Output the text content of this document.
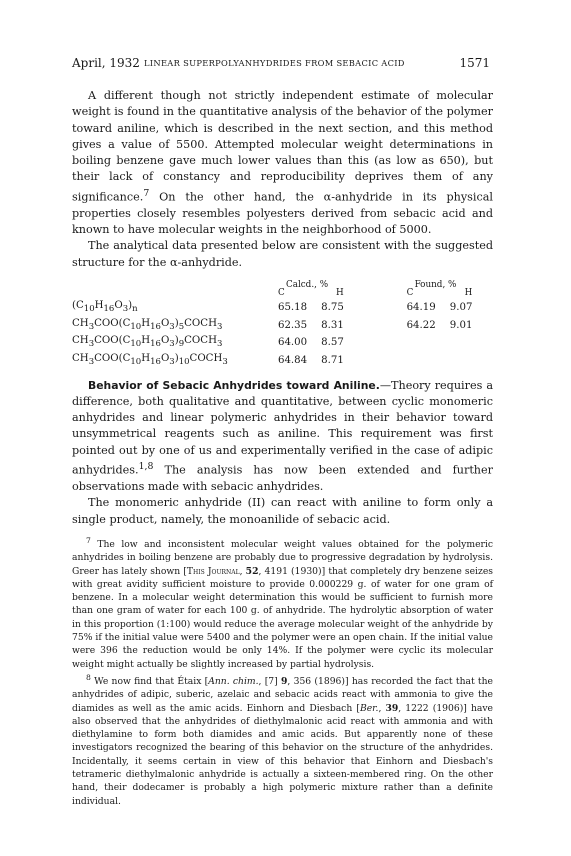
April, 1932 LINEAR SUPERPOLYANHYDRIDES FROM SEBACIC ACID	1571

A different though not strictly independent estimate of molecular weight is found in the quantitative analysis of the behavior of the polymer toward aniline, which is described in the next section, and this method gives a value of 5500. Attempted molecular weight determinations in boiling benzene gave much lower values than this (as low as 650), but their lack of constancy and reproducibility deprives them of any significance.$^7$ On the other hand, the α-anhydride in its physical properties closely resembles polyesters derived from sebacic acid and known to have molecular weights in the neighborhood of 5000.

The analytical data presented below are consistent with the suggested structure for the α-anhydride.

	Calcd., %
C H			Found, %
C H	

$(C_{10}H_{16}O_3)_n$	65.18	8.75		64.19	9.07
$CH_3COO(C_{10}H_{16}O_3)_5COCH_3$	62.35	8.31		64.22	9.01
$CH_3COO(C_{10}H_{16}O_3)_9COCH_3$	64.00	8.57			
$CH_3COO(C_{10}H_{16}O_3)_{10}COCH_3$	64.84	8.71			

Behavior of Sebacic Anhydrides toward Aniline.—Theory requires a difference, both qualitative and quantitative, between cyclic monomeric anhydrides and linear polymeric anhydrides in their behavior toward unsymmetrical reagents such as aniline. This requirement was first pointed out by one of us and experimentally verified in the case of adipic anhydrides.$^{1,8}$ The analysis has now been extended and further observations made with sebacic anhydrides.

The monomeric anhydride (II) can react with aniline to form only a single product, namely, the monoanilide of sebacic acid.

$^7$ The low and inconsistent molecular weight values obtained for the polymeric anhydrides in boiling benzene are probably due to progressive degradation by hydrolysis. Greer has lately shown [This Journal, 52, 4191 (1930)] that completely dry benzene seizes with great avidity sufficient moisture to provide 0.000229 g. of water for one gram of benzene. In a molecular weight determination this would be sufficient to furnish more than one gram of water for each 100 g. of anhydride. The hydrolytic absorption of water in this proportion (1:100) would reduce the average molecular weight of the anhydride by 75% if the initial value were 5400 and the polymer were an open chain. If the initial value were 396 the reduction would be only 14%. If the polymer were cyclic its molecular weight might actually be slightly increased by partial hydrolysis.

$^8$ We now find that Étaix [Ann. chim., [7] 9, 356 (1896)] has recorded the fact that the anhydrides of adipic, suberic, azelaic and sebacic acids react with ammonia to give the diamides as well as the amic acids. Einhorn and Diesbach [Ber., 39, 1222 (1906)] have also observed that the anhydrides of diethylmalonic acid react with ammonia and with diethylamine to form both diamides and amic acids. But apparently none of these investigators recognized the bearing of this behavior on the structure of the anhydrides. Incidentally, it seems certain in view of this behavior that Einhorn and Diesbach's tetrameric diethylmalonic anhydride is actually a sixteen-membered ring. On the other hand, their dodecamer is probably a high polymeric mixture rather than a definite individual.
